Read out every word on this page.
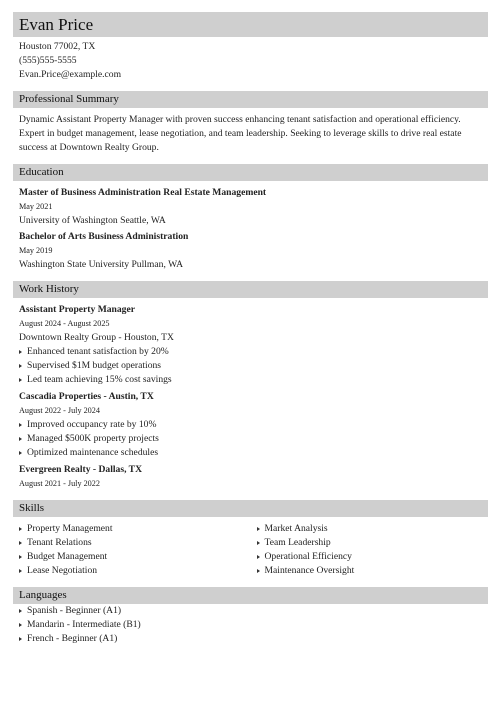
Evan Price
Houston 77002, TX
(555)555-5555
Evan.Price@example.com
Professional Summary
Dynamic Assistant Property Manager with proven success enhancing tenant satisfaction and operational efficiency. Expert in budget management, lease negotiation, and team leadership. Seeking to leverage skills to drive real estate success at Downtown Realty Group.
Education
Master of Business Administration Real Estate Management
May 2021
University of Washington Seattle, WA
Bachelor of Arts Business Administration
May 2019
Washington State University Pullman, WA
Work History
Assistant Property Manager
August 2024 - August 2025
Downtown Realty Group - Houston, TX
Enhanced tenant satisfaction by 20%
Supervised $1M budget operations
Led team achieving 15% cost savings
Cascadia Properties - Austin, TX
August 2022 - July 2024
Improved occupancy rate by 10%
Managed $500K property projects
Optimized maintenance schedules
Evergreen Realty - Dallas, TX
August 2021 - July 2022
Skills
Property Management
Tenant Relations
Budget Management
Lease Negotiation
Market Analysis
Team Leadership
Operational Efficiency
Maintenance Oversight
Languages
Spanish - Beginner (A1)
Mandarin - Intermediate (B1)
French - Beginner (A1)
